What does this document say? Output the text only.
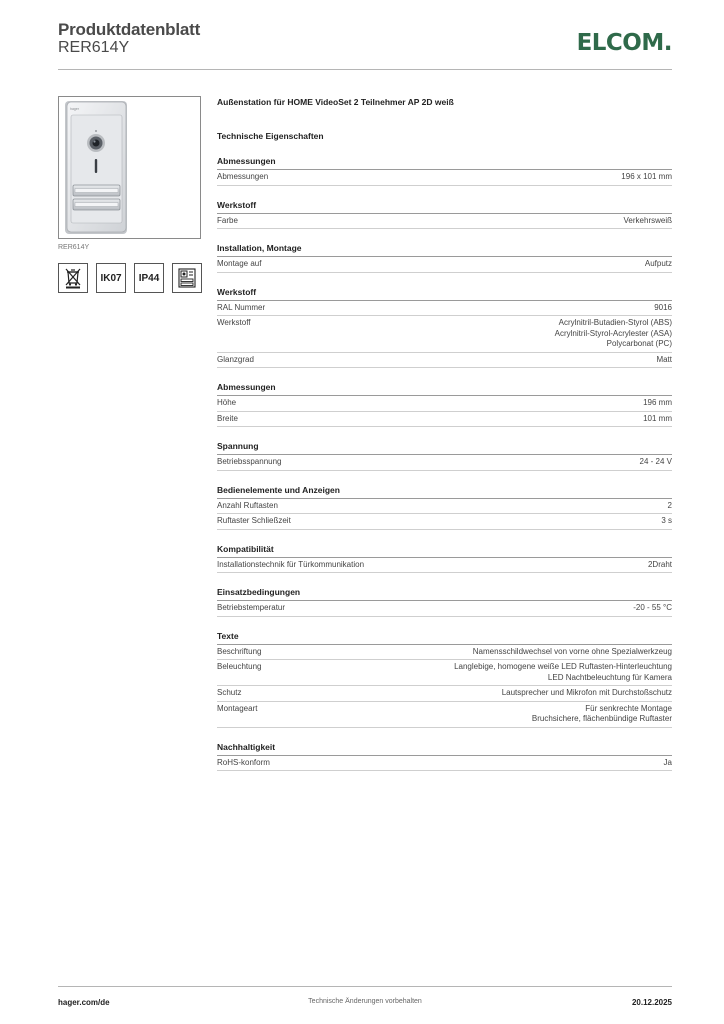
Produktdatenblatt
RER614Y	ELCOM.
hager
RER614Y
IK07	IP44
Außenstation für HOME VideoSet 2 Teilnehmer AP 2D weiß
Technische Eigenschaften
Abmessungen
Abmessungen	196 x 101 mm
Werkstoff
Farbe	Verkehrsweiß
Installation, Montage
Montage auf	Aufputz
Werkstoff
RAL Nummer	9016
Werkstoff	Acrylnitril-Butadien-Styrol (ABS)
Acrylnitril-Styrol-Acrylester (ASA)
Polycarbonat (PC)
Glanzgrad	Matt
Abmessungen
Höhe	196 mm
Breite	101 mm
Spannung
Betriebsspannung	24 - 24 V
Bedienelemente und Anzeigen
Anzahl Ruftasten	2
Ruftaster Schließzeit	3 s
Kompatibilität
Installationstechnik für Türkommunikation	2Draht
Einsatzbedingungen
Betriebstemperatur	-20 - 55 °C
Texte
Beschriftung	Namensschildwechsel von vorne ohne Spezialwerkzeug
Beleuchtung	Langlebige, homogene weiße LED Ruftasten-Hinterleuchtung
LED Nachtbeleuchtung für Kamera
Schutz	Lautsprecher und Mikrofon mit Durchstoßschutz
Montageart	Für senkrechte Montage
Bruchsichere, flächenbündige Ruftaster
Nachhaltigkeit
RoHS-konform	Ja
hager.com/de	Technische Änderungen vorbehalten	20.12.2025
